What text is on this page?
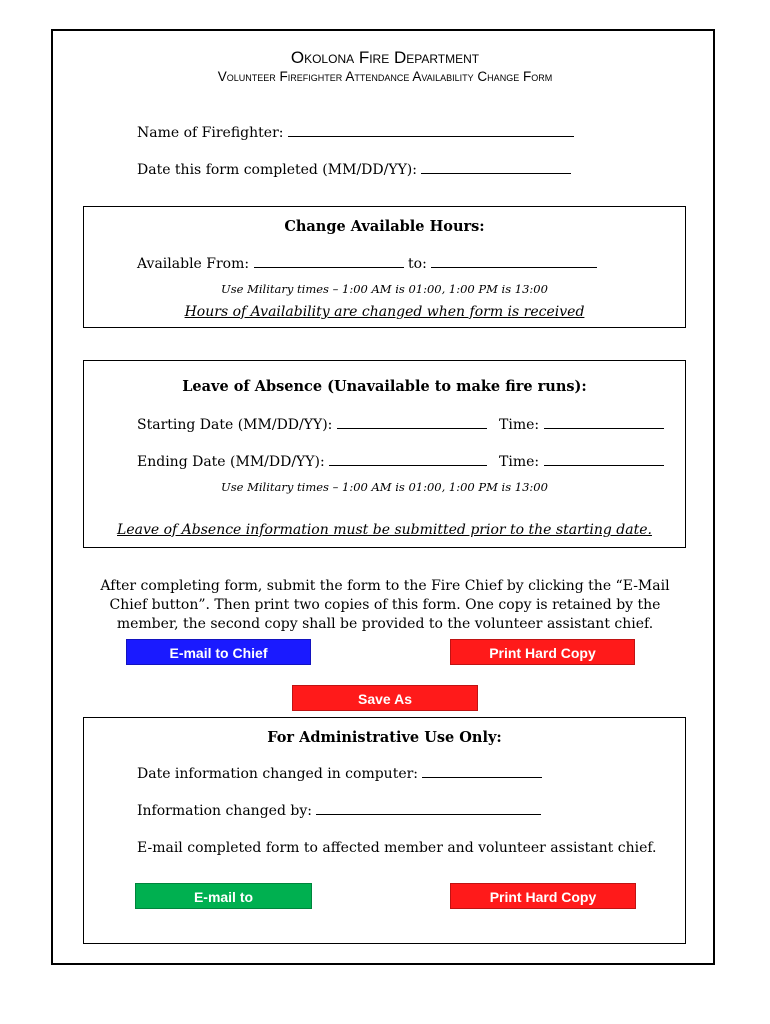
Okolona Fire Department
Volunteer Firefighter Attendance Availability Change Form
Name of Firefighter:
Date this form completed (MM/DD/YY):
Change Available Hours:
Available From:	to:
Use Military times – 1:00 AM is 01:00, 1:00 PM is 13:00
Hours of Availability are changed when form is received
Leave of Absence (Unavailable to make fire runs):
Starting Date (MM/DD/YY):	Time:
Ending Date (MM/DD/YY):	Time:
Use Military times – 1:00 AM is 01:00, 1:00 PM is 13:00
Leave of Absence information must be submitted prior to the starting date.
After completing form, submit the form to the Fire Chief by clicking the “E-Mail
Chief button”. Then print two copies of this form. One copy is retained by the
member, the second copy shall be provided to the volunteer assistant chief.
E-mail to Chief	Print Hard Copy
Save As
For Administrative Use Only:
Date information changed in computer:
Information changed by:
E-mail completed form to affected member and volunteer assistant chief.
E-mail to	Print Hard Copy
